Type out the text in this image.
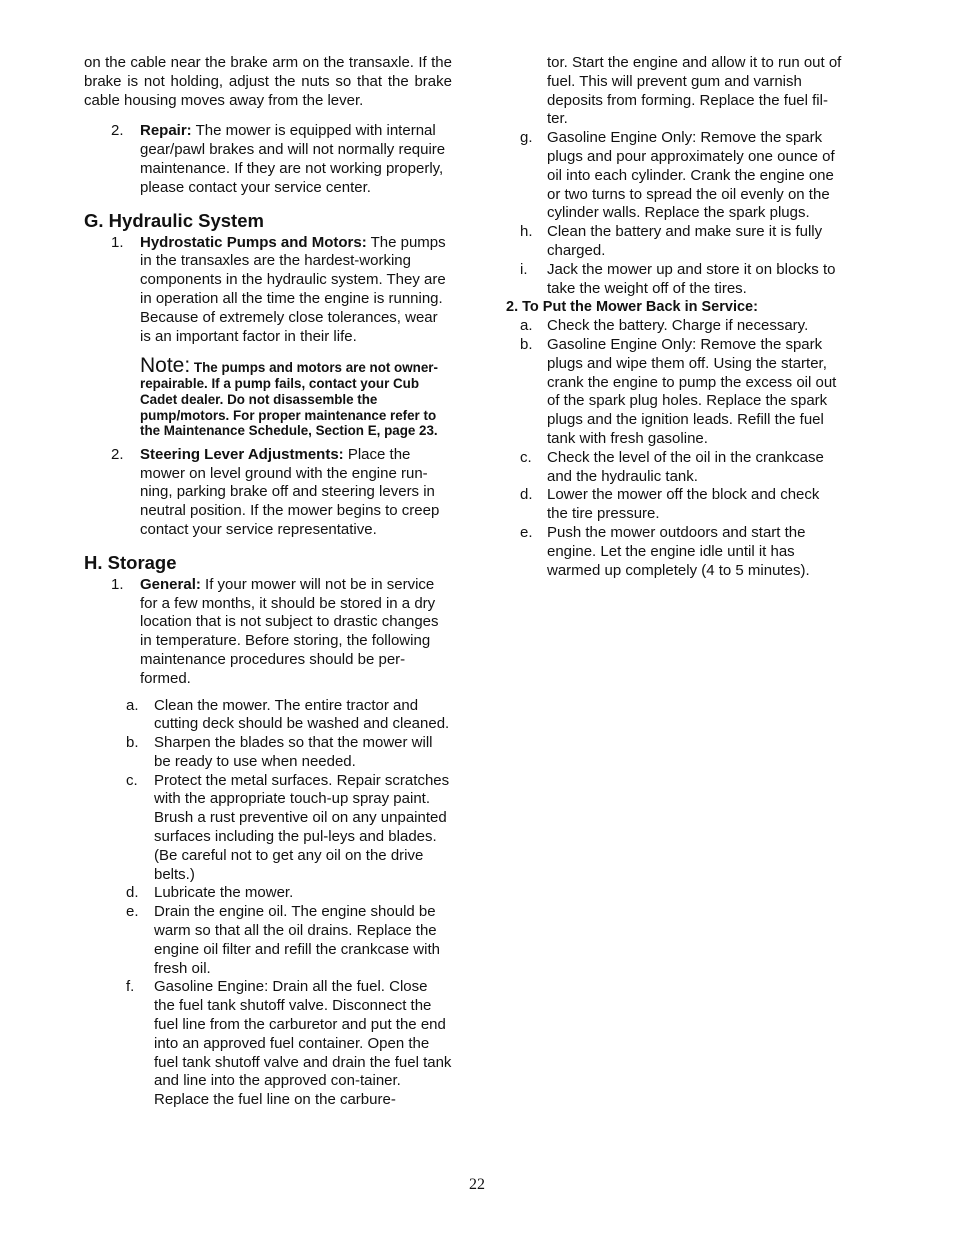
on the cable near the brake arm on the transaxle. If the brake is not holding, adjust the nuts so that the brake cable housing moves away from the lever.

2. Repair: The mower is equipped with internal gear/pawl brakes and will not normally require maintenance. If they are not working properly, please contact your service center.

G. Hydraulic System
1. Hydrostatic Pumps and Motors: The pumps in the transaxles are the hardest-working components in the hydraulic system. They are in operation all the time the engine is running. Because of extremely close tolerances, wear is an important factor in their life.

Note: The pumps and motors are not owner-repairable. If a pump fails, contact your Cub Cadet dealer. Do not disassemble the pump/motors. For proper maintenance refer to the Maintenance Schedule, Section E, page 23.

2. Steering Lever Adjustments: Place the mower on level ground with the engine run-ning, parking brake off and steering levers in neutral position. If the mower begins to creep contact your service representative.

H. Storage
1. General: If your mower will not be in service for a few months, it should be stored in a dry location that is not subject to drastic changes in temperature. Before storing, the following maintenance procedures should be per-formed.

a. Clean the mower. The entire tractor and cutting deck should be washed and cleaned.

b. Sharpen the blades so that the mower will be ready to use when needed.

c. Protect the metal surfaces. Repair scratches with the appropriate touch-up spray paint. Brush a rust preventive oil on any unpainted surfaces including the pul-leys and blades. (Be careful not to get any oil on the drive belts.)

d. Lubricate the mower.

e. Drain the engine oil. The engine should be warm so that all the oil drains. Replace the engine oil filter and refill the crankcase with fresh oil.

f. Gasoline Engine: Drain all the fuel. Close the fuel tank shutoff valve. Disconnect the fuel line from the carburetor and put the end into an approved fuel container. Open the fuel tank shutoff valve and drain the fuel tank and line into the approved con-tainer. Replace the fuel line on the carbure-

tor. Start the engine and allow it to run out of fuel. This will prevent gum and varnish deposits from forming. Replace the fuel fil-ter.

g. Gasoline Engine Only: Remove the spark plugs and pour approximately one ounce of oil into each cylinder. Crank the engine one or two turns to spread the oil evenly on the cylinder walls. Replace the spark plugs.

h. Clean the battery and make sure it is fully charged.

i. Jack the mower up and store it on blocks to take the weight off of the tires.

2. To Put the Mower Back in Service:
a. Check the battery. Charge if necessary.

b. Gasoline Engine Only: Remove the spark plugs and wipe them off. Using the starter, crank the engine to pump the excess oil out of the spark plug holes. Replace the spark plugs and the ignition leads. Refill the fuel tank with fresh gasoline.

c. Check the level of the oil in the crankcase and the hydraulic tank.

d. Lower the mower off the block and check the tire pressure.

e. Push the mower outdoors and start the engine. Let the engine idle until it has warmed up completely (4 to 5 minutes).

22
